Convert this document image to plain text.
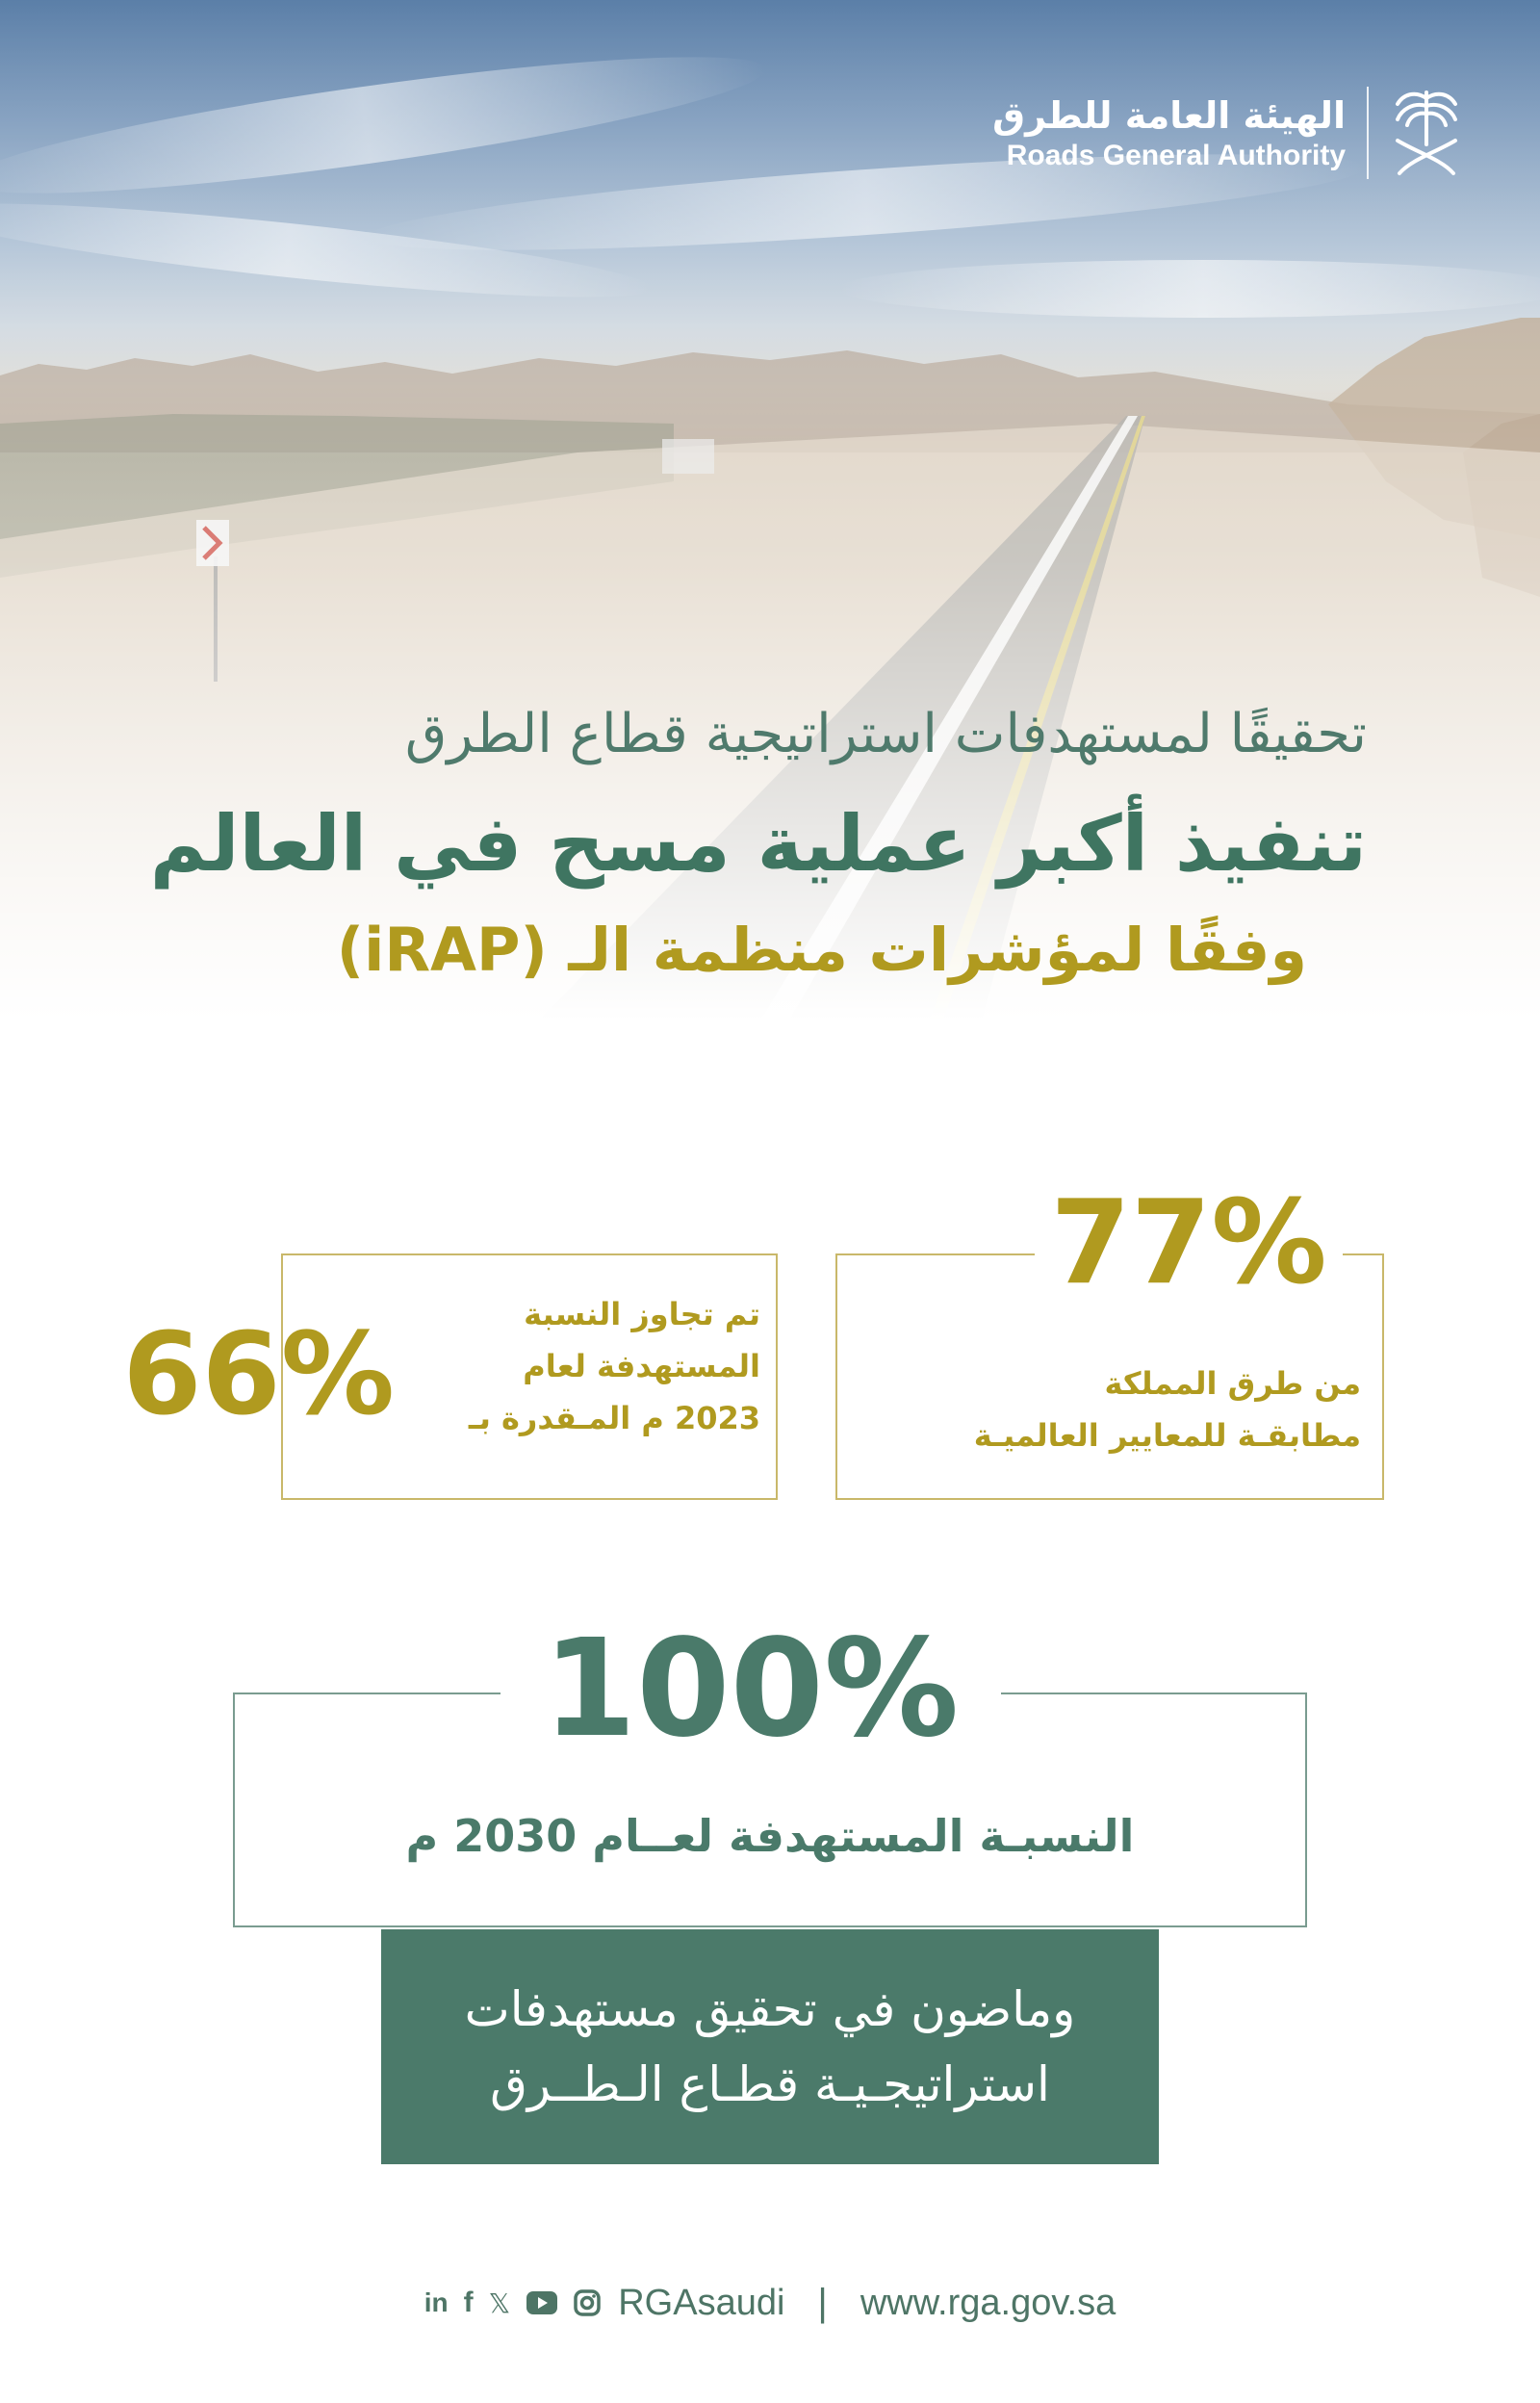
الهيئة العامة للطرق
Roads General Authority
تحقيقًا لمستهدفات استراتيجية قطاع الطرق
تنفيذ أكبر عملية مسح في العالم
وفقًا لمؤشرات منظمة الـ (iRAP)
77%
من طرق المملكة
مطابقـة للمعايير العالميـة
66%	تم تجاوز النسبة
المستهدفة لعام
2023 م المـقدرة بـ
100%
النسبـة المستهدفة لعــام 2030 م
وماضون في تحقيق مستهدفات
استراتيجـيـة قطـاع الـطــرق
in f 𝕏	RGAsaudi | www.rga.gov.sa
